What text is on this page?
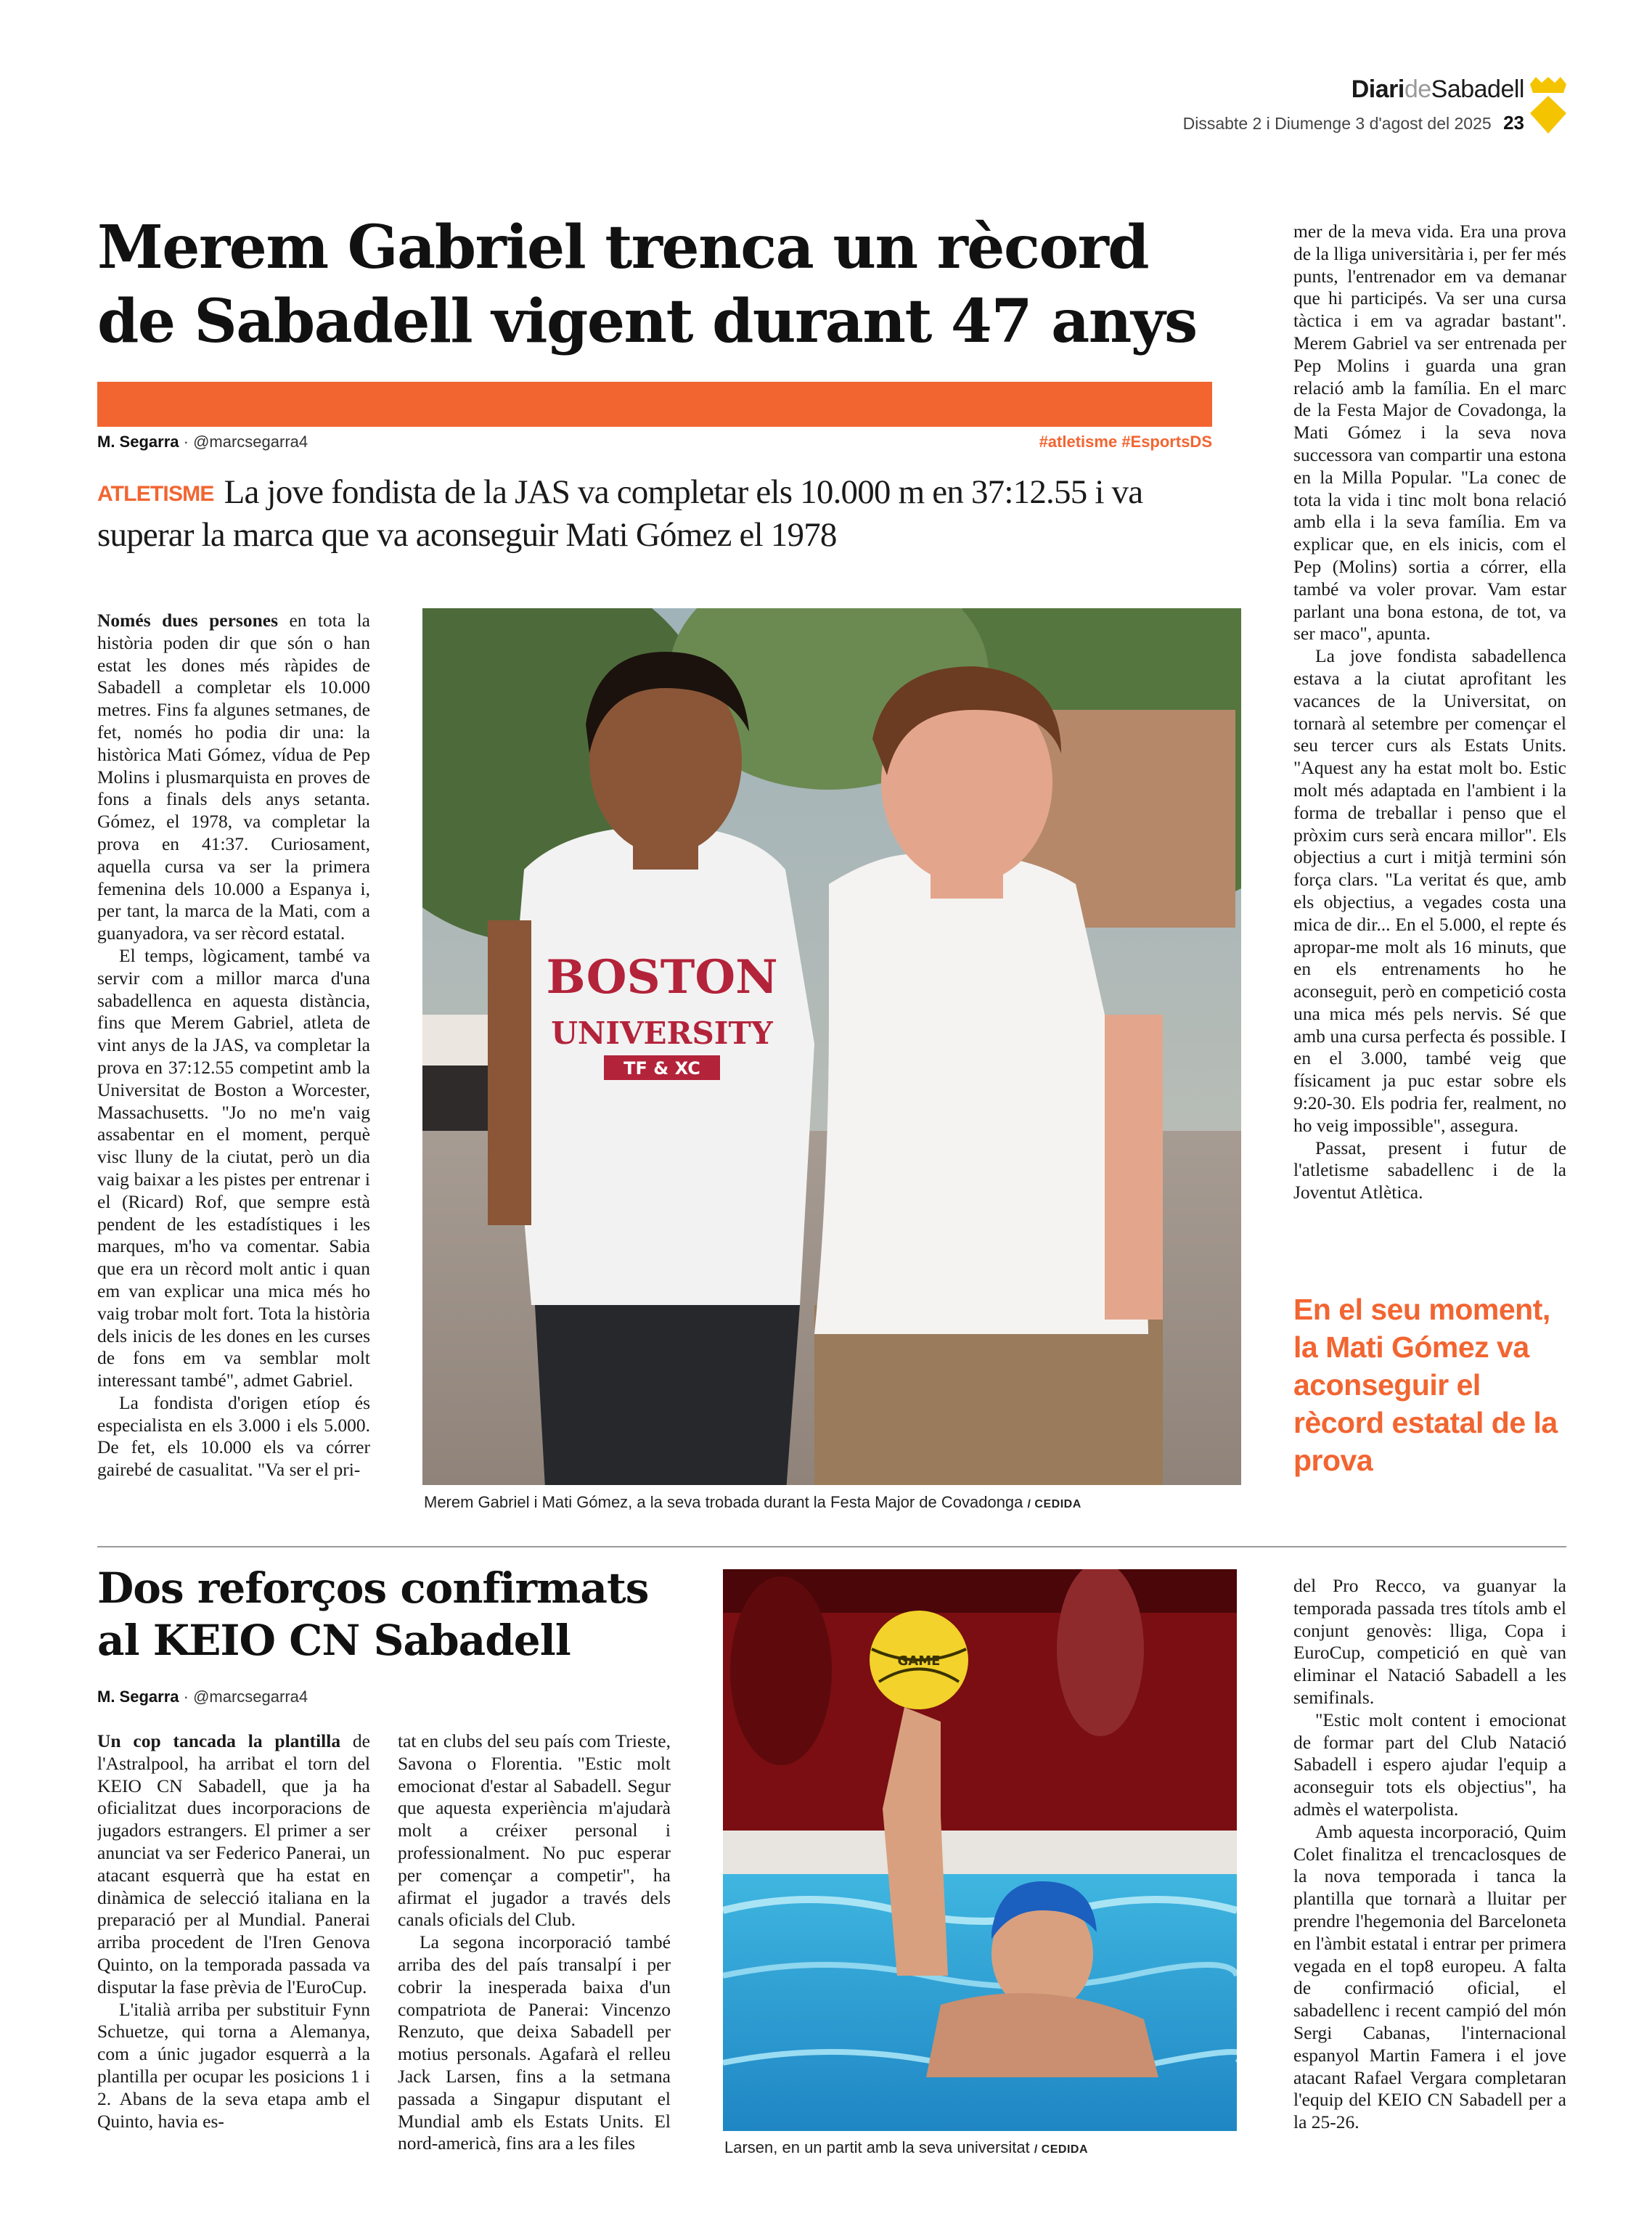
DiarideSabadell
Dissabte 2 i Diumenge 3 d'agost del 2025 23
Merem Gabriel trenca un rècord
de Sabadell vigent durant 47 anys
M. Segarra · @marcsegarra4	#atletisme #EsportsDS
ATLETISME La jove fondista de la JAS va completar els 10.000 m en 37:12.55 i va superar la marca que va aconseguir Mati Gómez el 1978

Només dues persones en tota la història poden dir que són o han estat les dones més ràpides de Sabadell a completar els 10.000 metres. Fins fa algunes setmanes, de fet, només ho podia dir una: la històrica Mati Gómez, vídua de Pep Molins i plusmarquista en proves de fons a finals dels anys setanta. Gómez, el 1978, va completar la prova en 41:37. Curiosament, aquella cursa va ser la primera femenina dels 10.000 a Espanya i, per tant, la marca de la Mati, com a guanyadora, va ser rècord estatal.

El temps, lògicament, també va servir com a millor marca d'una sabadellenca en aquesta distància, fins que Merem Gabriel, atleta de vint anys de la JAS, va completar la prova en 37:12.55 competint amb la Universitat de Boston a Worcester, Massachusetts. "Jo no me'n vaig assabentar en el moment, perquè visc lluny de la ciutat, però un dia vaig baixar a les pistes per entrenar i el (Ricard) Rof, que sempre està pendent de les estadístiques i les marques, m'ho va comentar. Sabia que era un rècord molt antic i quan em van explicar una mica més ho vaig trobar molt fort. Tota la història dels inicis de les dones en les curses de fons em va semblar molt interessant també", admet Gabriel.

La fondista d'origen etíop és especialista en els 3.000 i els 5.000. De fet, els 10.000 els va córrer gairebé de casualitat. "Va ser el pri-

BOSTON
UNIVERSITY
TF & XC
Merem Gabriel i Mati Gómez, a la seva trobada durant la Festa Major de Covadonga / CEDIDA

mer de la meva vida. Era una prova de la lliga universitària i, per fer més punts, l'entrenador em va demanar que hi participés. Va ser una cursa tàctica i em va agradar bastant". Merem Gabriel va ser entrenada per Pep Molins i guarda una gran relació amb la família. En el marc de la Festa Major de Covadonga, la Mati Gómez i la seva nova successora van compartir una estona en la Milla Popular. "La conec de tota la vida i tinc molt bona relació amb ella i la seva família. Em va explicar que, en els inicis, com el Pep (Molins) sortia a córrer, ella també va voler provar. Vam estar parlant una bona estona, de tot, va ser maco", apunta.

La jove fondista sabadellenca estava a la ciutat aprofitant les vacances de la Universitat, on tornarà al setembre per començar el seu tercer curs als Estats Units. "Aquest any ha estat molt bo. Estic molt més adaptada en l'ambient i la forma de treballar i penso que el pròxim curs serà encara millor". Els objectius a curt i mitjà termini són força clars. "La veritat és que, amb els objectius, a vegades costa una mica de dir... En el 5.000, el repte és apropar-me molt als 16 minuts, que en els entrenaments ho he aconseguit, però en competició costa una mica més pels nervis. Sé que amb una cursa perfecta és possible. I en el 3.000, també veig que físicament ja puc estar sobre els 9:20-30. Els podria fer, realment, no ho veig impossible", assegura.

Passat, present i futur de l'atletisme sabadellenc i de la Joventut Atlètica.

En el seu moment, la Mati Gómez va aconseguir el rècord estatal de la prova
Dos reforços confirmats
al KEIO CN Sabadell
M. Segarra · @marcsegarra4

Un cop tancada la plantilla de l'Astralpool, ha arribat el torn del KEIO CN Sabadell, que ja ha oficialitzat dues incorporacions de jugadors estrangers. El primer a ser anunciat va ser Federico Panerai, un atacant esquerrà que ha estat en dinàmica de selecció italiana en la preparació per al Mundial. Panerai arriba procedent de l'Iren Genova Quinto, on la temporada passada va disputar la fase prèvia de l'EuroCup.

L'italià arriba per substituir Fynn Schuetze, qui torna a Alemanya, com a únic jugador esquerrà a la plantilla per ocupar les posicions 1 i 2. Abans de la seva etapa amb el Quinto, havia es-

tat en clubs del seu país com Trieste, Savona o Florentia. "Estic molt emocionat d'estar al Sabadell. Segur que aquesta experiència m'ajudarà molt a créixer personal i professionalment. No puc esperar per començar a competir", ha afirmat el jugador a través dels canals oficials del Club.

La segona incorporació també arriba des del país transalpí i per cobrir la inesperada baixa d'un compatriota de Panerai: Vincenzo Renzuto, que deixa Sabadell per motius personals. Agafarà el relleu Jack Larsen, fins a la setmana passada a Singapur disputant el Mundial amb els Estats Units. El nord-americà, fins ara a les files

GAME
Larsen, en un partit amb la seva universitat / CEDIDA

del Pro Recco, va guanyar la temporada passada tres títols amb el conjunt genovès: lliga, Copa i EuroCup, competició en què van eliminar el Natació Sabadell a les semifinals.

"Estic molt content i emocionat de formar part del Club Natació Sabadell i espero ajudar l'equip a aconseguir tots els objectius", ha admès el waterpolista.

Amb aquesta incorporació, Quim Colet finalitza el trencaclosques de la nova temporada i tanca la plantilla que tornarà a lluitar per prendre l'hegemonia del Barceloneta en l'àmbit estatal i entrar per primera vegada en el top8 europeu. A falta de confirmació oficial, el sabadellenc i recent campió del món Sergi Cabanas, l'internacional espanyol Martin Famera i el jove atacant Rafael Vergara completaran l'equip del KEIO CN Sabadell per a la 25-26.
